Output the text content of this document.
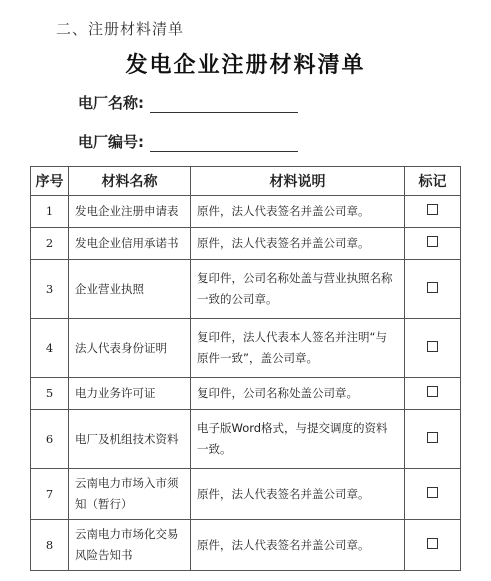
二、注册材料清单
发电企业注册材料清单
电厂名称:
电厂编号:
序号	材料名称	材料说明	标记
1	发电企业注册申请表	原件，法人代表签名并盖公司章。	
2	发电企业信用承诺书	原件，法人代表签名并盖公司章。	
3	企业营业执照	复印件，公司名称处盖与营业执照名称一致的公司章。	
4	法人代表身份证明	复印件，法人代表本人签名并注明“与原件一致”，盖公司章。	
5	电力业务许可证	复印件，公司名称处盖公司章。	
6	电厂及机组技术资料	电子版Word格式，与提交调度的资料一致。	
7	云南电力市场入市须知（暂行）	原件，法人代表签名并盖公司章。	
8	云南电力市场化交易风险告知书	原件，法人代表签名并盖公司章。	
